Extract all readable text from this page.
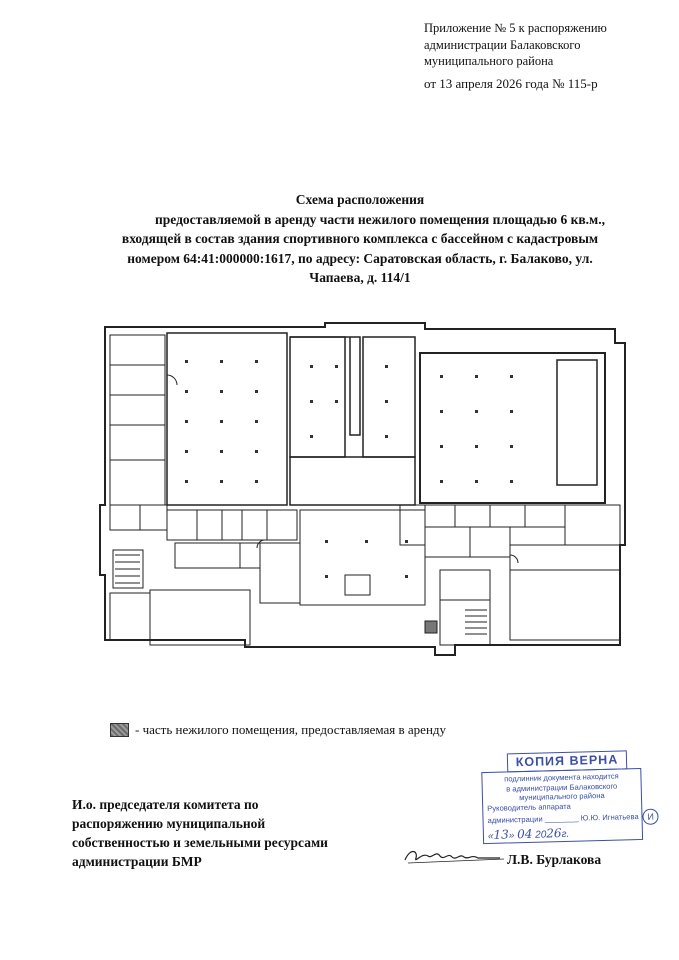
Приложение № 5 к распоряжению
администрации Балаковского
муниципального района
от 13 апреля 2026 года № 115-р
Схема расположения
предоставляемой в аренду части нежилого помещения площадью 6 кв.м.,
входящей в состав здания спортивного комплекса с бассейном с кадастровым
номером 64:41:000000:1617, по адресу: Саратовская область, г. Балаково, ул.
Чапаева, д. 114/1
- часть нежилого помещения, предоставляемая в аренду
И.о. председателя комитета по
распоряжению муниципальной
собственностью и земельными ресурсами
администрации БМР	Л.В. Бурлакова
КОПИЯ ВЕРНА
подлинник документа находится
в администрации Балаковского
муниципального района
Руководитель аппарата
администрации ________ Ю.Ю. Игнатьева И
«13» 04 2026г.
